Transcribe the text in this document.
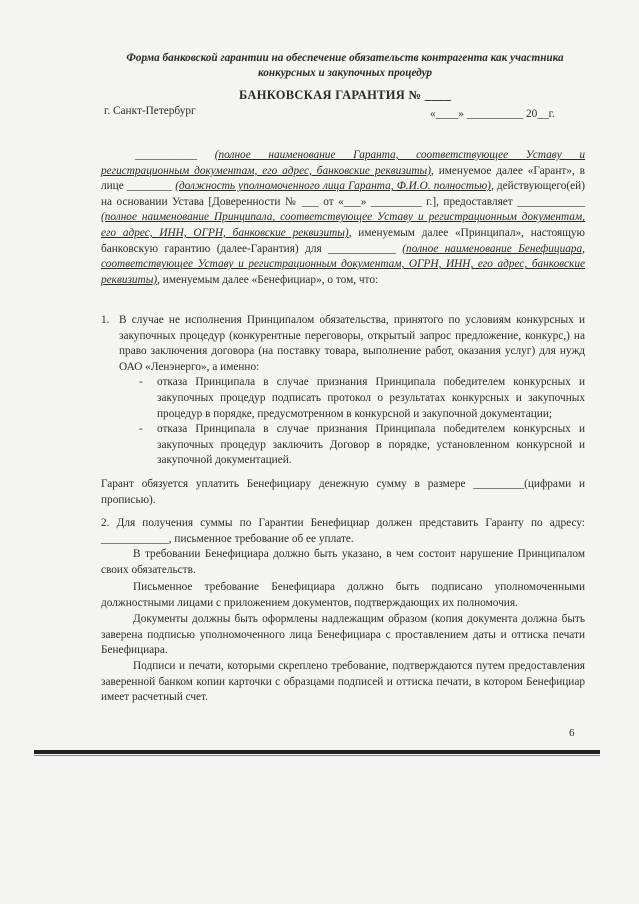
Форма банковской гарантии на обеспечение обязательств контрагента как участника
конкурсных и закупочных процедур
БАНКОВСКАЯ ГАРАНТИЯ № ____
г. Санкт-Петербург	«____» __________ 20__г.
___________ (полное наименование Гаранта, соответствующее Уставу и регистрационным документам, его адрес, банковские реквизиты), именуемое далее «Гарант», в лице ________ (должность уполномоченного лица Гаранта, Ф.И.О. полностью), действующего(ей) на основании Устава [Доверенности № ___ от «___» _________ г.], предоставляет ____________ (полное наименование Принципала, соответствующее Уставу и регистрационным документам, его адрес, ИНН, ОГРН, банковские реквизиты), именуемым далее «Принципал», настоящую банковскую гарантию (далее-Гарантия) для ____________ (полное наименование Бенефициара, соответствующее Уставу и регистрационным документам, ОГРН, ИНН, его адрес, банковские реквизиты), именуемым далее «Бенефициар», о том, что:
1. В случае не исполнения Принципалом обязательства, принятого по условиям конкурсных и закупочных процедур (конкурентные переговоры, открытый запрос предложение, конкурс,) на право заключения договора (на поставку товара, выполнение работ, оказания услуг) для нужд ОАО «Ленэнерго», а именно:
- отказа Принципала в случае признания Принципала победителем конкурсных и закупочных процедур подписать протокол о результатах конкурсных и закупочных процедур в порядке, предусмотренном в конкурсной и закупочной документации;
- отказа Принципала в случае признания Принципала победителем конкурсных и закупочных процедур заключить Договор в порядке, установленном конкурсной и закупочной документацией.
Гарант обязуется уплатить Бенефициару денежную сумму в размере _________(цифрами и прописью).
2. Для получения суммы по Гарантии Бенефициар должен представить Гаранту по адресу: ____________, письменное требование об ее уплате.
В требовании Бенефициара должно быть указано, в чем состоит нарушение Принципалом своих обязательств.
Письменное требование Бенефициара должно быть подписано уполномоченными должностными лицами с приложением документов, подтверждающих их полномочия.
Документы должны быть оформлены надлежащим образом (копия документа должна быть заверена подписью уполномоченного лица Бенефициара с проставлением даты и оттиска печати Бенефициара.
Подписи и печати, которыми скреплено требование, подтверждаются путем предоставления заверенной банком копии карточки с образцами подписей и оттиска печати, в котором Бенефициар имеет расчетный счет.
6
